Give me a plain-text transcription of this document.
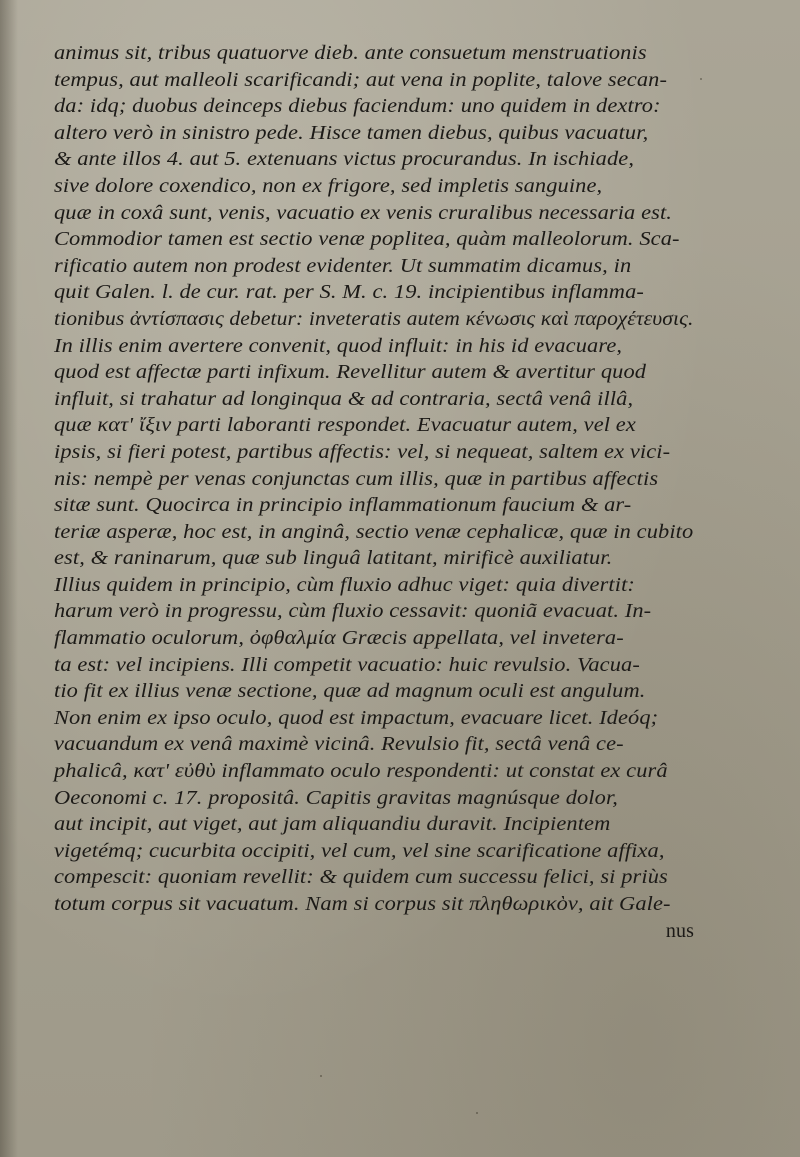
animus sit, tribus quatuorve dieb. ante consuetum menstruationis
tempus, aut malleoli scarificandi; aut vena in poplite, talove secan-
da: idq; duobus deinceps diebus faciendum: uno quidem in dextro:
altero verò in sinistro pede. Hisce tamen diebus, quibus vacuatur,
& ante illos 4. aut 5. extenuans victus procurandus. In ischiade,
sive dolore coxendico, non ex frigore, sed impletis sanguine,
quæ in coxâ sunt, venis, vacuatio ex venis cruralibus necessaria est.
Commodior tamen est sectio venæ poplitea, quàm malleolorum. Sca-
rificatio autem non prodest evidenter. Ut summatim dicamus, in
quit Galen. l. de cur. rat. per S. M. c. 19. incipientibus inflamma-
tionibus ἀντίσπασις debetur: inveteratis autem κένωσις καὶ παροχέτευσις.
In illis enim avertere convenit, quod influit: in his id evacuare,
quod est affectæ parti infixum. Revellitur autem & avertitur quod
influit, si trahatur ad longinqua & ad contraria, sectâ venâ illâ,
quæ κατ' ἴξιν parti laboranti respondet. Evacuatur autem, vel ex
ipsis, si fieri potest, partibus affectis: vel, si nequeat, saltem ex vici-
nis: nempè per venas conjunctas cum illis, quæ in partibus affectis
sitæ sunt. Quocirca in principio inflammationum faucium & ar-
teriæ asperæ, hoc est, in anginâ, sectio venæ cephalicæ, quæ in cubito
est, & raninarum, quæ sub linguâ latitant, mirificè auxiliatur.
Illius quidem in principio, cùm fluxio adhuc viget: quia divertit:
harum verò in progressu, cùm fluxio cessavit: quoniã evacuat. In-
flammatio oculorum, ὀφθαλμία Græcis appellata, vel invetera-
ta est: vel incipiens. Illi competit vacuatio: huic revulsio. Vacua-
tio fit ex illius venæ sectione, quæ ad magnum oculi est angulum.
Non enim ex ipso oculo, quod est impactum, evacuare licet. Ideóq;
vacuandum ex venâ maximè vicinâ. Revulsio fit, sectâ venâ ce-
phalicâ, κατ' εὐθὺ inflammato oculo respondenti: ut constat ex curâ
Oeconomi c. 17. propositâ. Capitis gravitas magnúsque dolor,
aut incipit, aut viget, aut jam aliquandiu duravit. Incipientem
vigetémq; cucurbita occipiti, vel cum, vel sine scarificatione affixa,
compescit: quoniam revellit: & quidem cum successu felici, si priùs
totum corpus sit vacuatum. Nam si corpus sit πληθωρικὸν, ait Gale-
nus
